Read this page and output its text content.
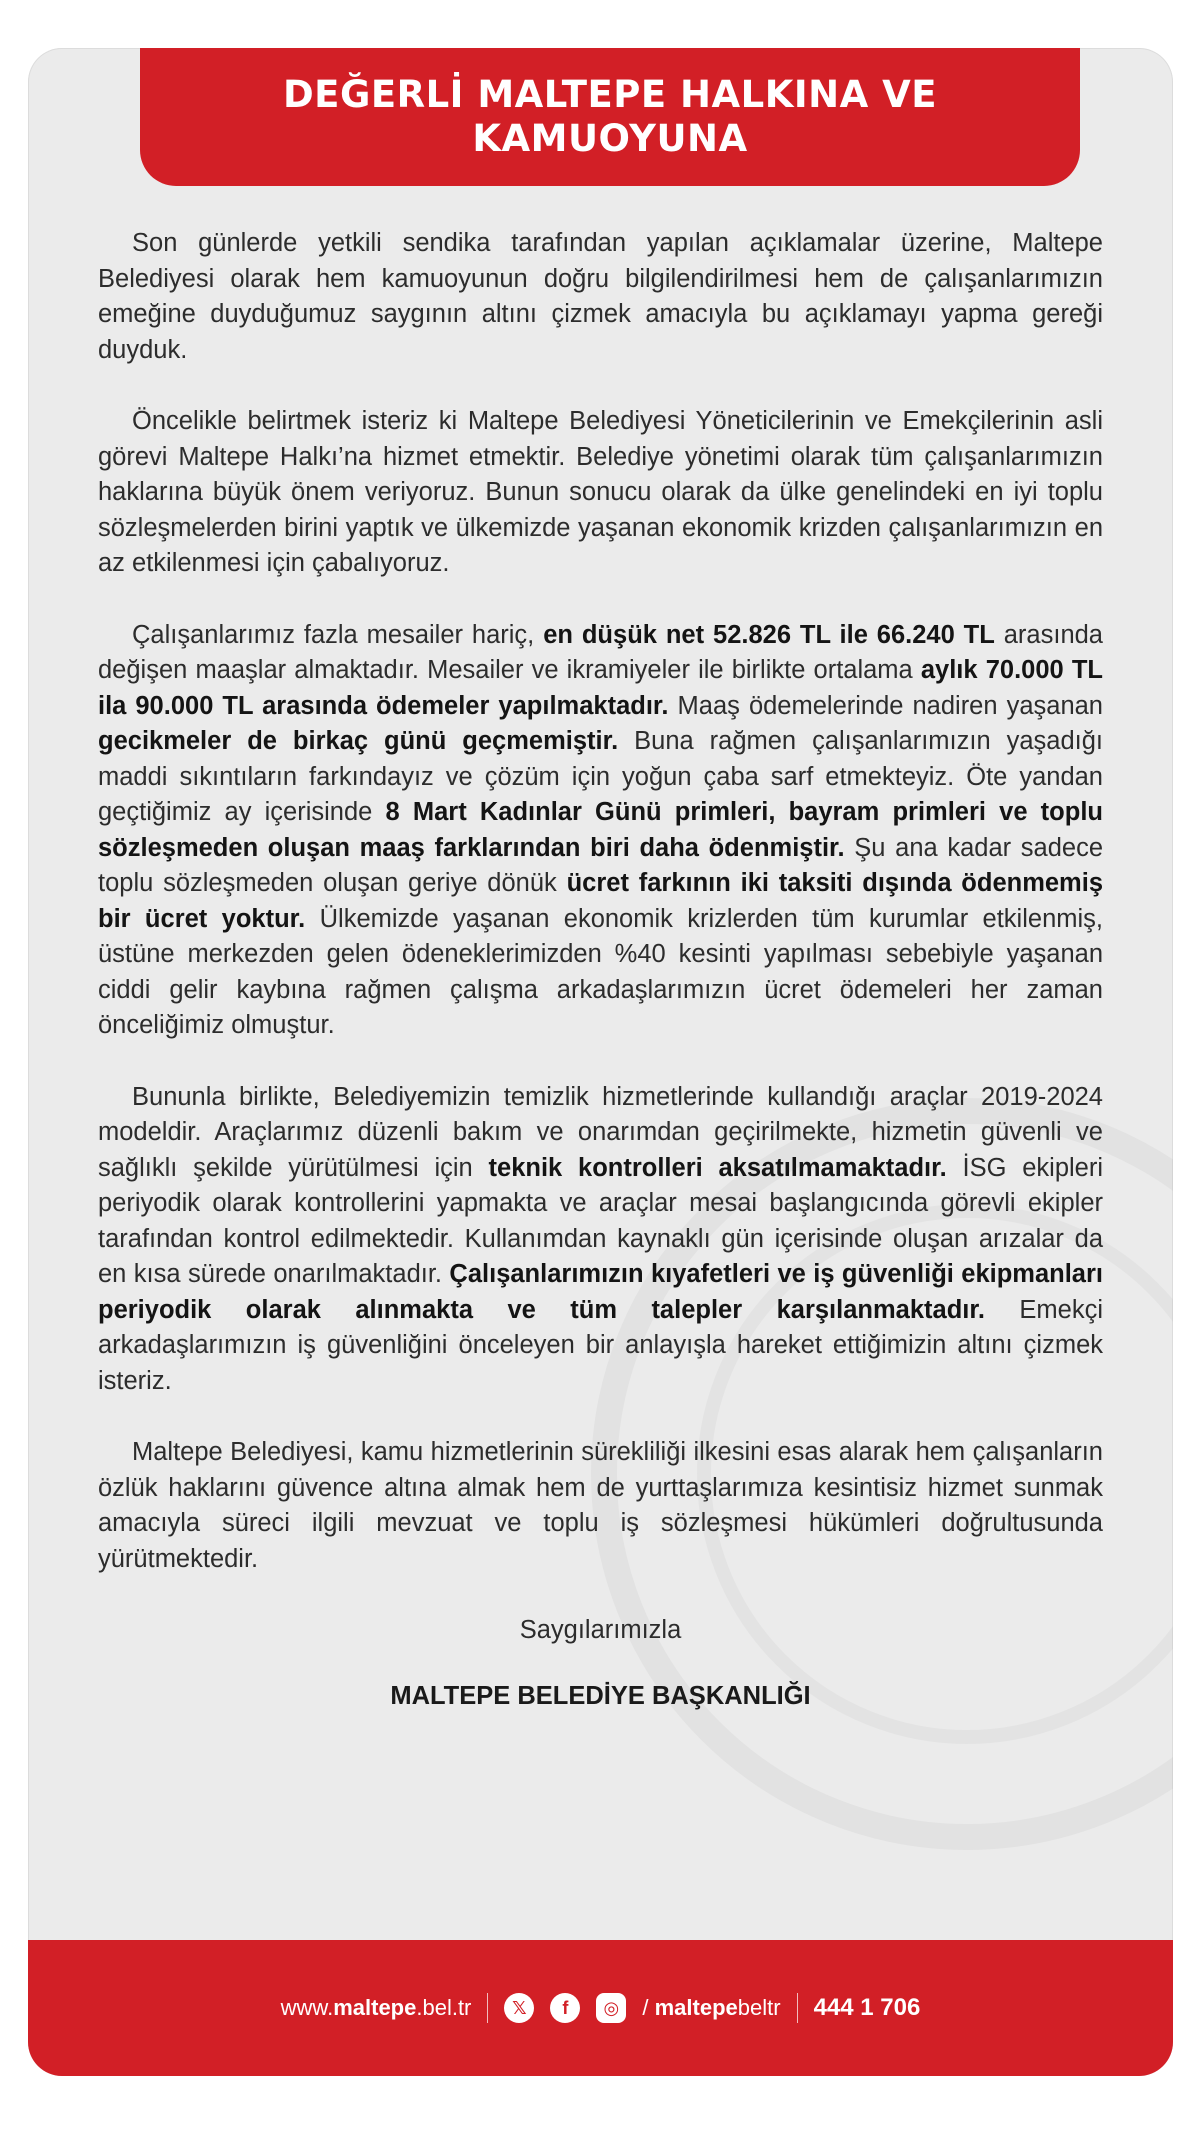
DEĞERLİ MALTEPE HALKINA VE KAMUOYUNA

Son günlerde yetkili sendika tarafından yapılan açıklamalar üzerine, Maltepe Belediyesi olarak hem kamuoyunun doğru bilgilendirilmesi hem de çalışanlarımızın emeğine duyduğumuz saygının altını çizmek amacıyla bu açıklamayı yapma gereği duyduk.

Öncelikle belirtmek isteriz ki Maltepe Belediyesi Yöneticilerinin ve Emekçilerinin asli görevi Maltepe Halkı’na hizmet etmektir. Belediye yönetimi olarak tüm çalışanlarımızın haklarına büyük önem veriyoruz. Bunun sonucu olarak da ülke genelindeki en iyi toplu sözleşmelerden birini yaptık ve ülkemizde yaşanan ekonomik krizden çalışanlarımızın en az etkilenmesi için çabalıyoruz.

Çalışanlarımız fazla mesailer hariç, en düşük net 52.826 TL ile 66.240 TL arasında değişen maaşlar almaktadır. Mesailer ve ikramiyeler ile birlikte ortalama aylık 70.000 TL ila 90.000 TL arasında ödemeler yapılmaktadır. Maaş ödemelerinde nadiren yaşanan gecikmeler de birkaç günü geçmemiştir. Buna rağmen çalışanlarımızın yaşadığı maddi sıkıntıların farkındayız ve çözüm için yoğun çaba sarf etmekteyiz. Öte yandan geçtiğimiz ay içerisinde 8 Mart Kadınlar Günü primleri, bayram primleri ve toplu sözleşmeden oluşan maaş farklarından biri daha ödenmiştir. Şu ana kadar sadece toplu sözleşmeden oluşan geriye dönük ücret farkının iki taksiti dışında ödenmemiş bir ücret yoktur. Ülkemizde yaşanan ekonomik krizlerden tüm kurumlar etkilenmiş, üstüne merkezden gelen ödeneklerimizden %40 kesinti yapılması sebebiyle yaşanan ciddi gelir kaybına rağmen çalışma arkadaşlarımızın ücret ödemeleri her zaman önceliğimiz olmuştur.

Bununla birlikte, Belediyemizin temizlik hizmetlerinde kullandığı araçlar 2019-2024 modeldir. Araçlarımız düzenli bakım ve onarımdan geçirilmekte, hizmetin güvenli ve sağlıklı şekilde yürütülmesi için teknik kontrolleri aksatılmamaktadır. İSG ekipleri periyodik olarak kontrollerini yapmakta ve araçlar mesai başlangıcında görevli ekipler tarafından kontrol edilmektedir. Kullanımdan kaynaklı gün içerisinde oluşan arızalar da en kısa sürede onarılmaktadır. Çalışanlarımızın kıyafetleri ve iş güvenliği ekipmanları periyodik olarak alınmakta ve tüm talepler karşılanmaktadır. Emekçi arkadaşlarımızın iş güvenliğini önceleyen bir anlayışla hareket ettiğimizin altını çizmek isteriz.

Maltepe Belediyesi, kamu hizmetlerinin sürekliliği ilkesini esas alarak hem çalışanların özlük haklarını güvence altına almak hem de yurttaşlarımıza kesintisiz hizmet sunmak amacıyla süreci ilgili mevzuat ve toplu iş sözleşmesi hükümleri doğrultusunda yürütmektedir.

Saygılarımızla
MALTEPE BELEDİYE BAŞKANLIĞI
www.maltepe.bel.tr	𝕏	f	◎	/ maltepebeltr 444 1 706
